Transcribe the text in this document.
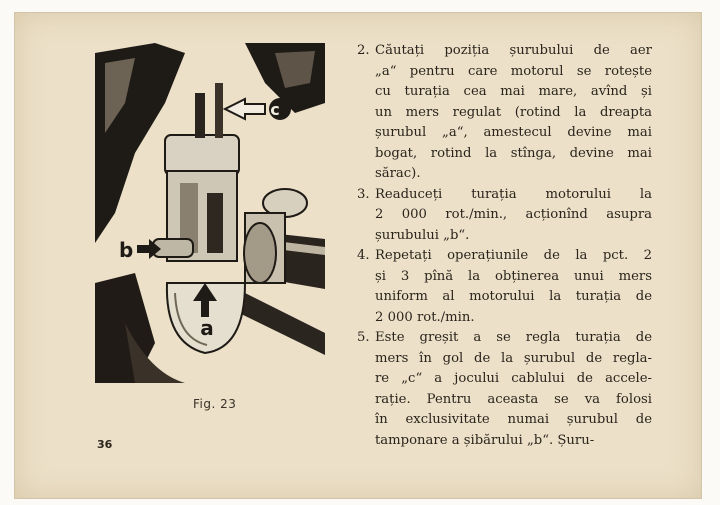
c
b
a
Fig. 23
36
2. Căutați poziția șurubului de aer
„a“ pentru care motorul se rotește
cu turația cea mai mare, avînd și
un mers regulat (rotind la dreapta
șurubul „a“, amestecul devine mai
bogat, rotind la stînga, devine mai
sărac).
3. Readuceți turația motorului la
2 000 rot./min., acționînd asupra
șurubului „b“.
4. Repetați operațiunile de la pct. 2
și 3 pînă la obținerea unui mers
uniform al motorului la turația de
2 000 rot./min.
5. Este greșit a se regla turația de
mers în gol de la șurubul de regla-
re „c“ a jocului cablului de accele-
rație. Pentru aceasta se va folosi
în exclusivitate numai șurubul de
tamponare a șibărului „b“. Șuru-
